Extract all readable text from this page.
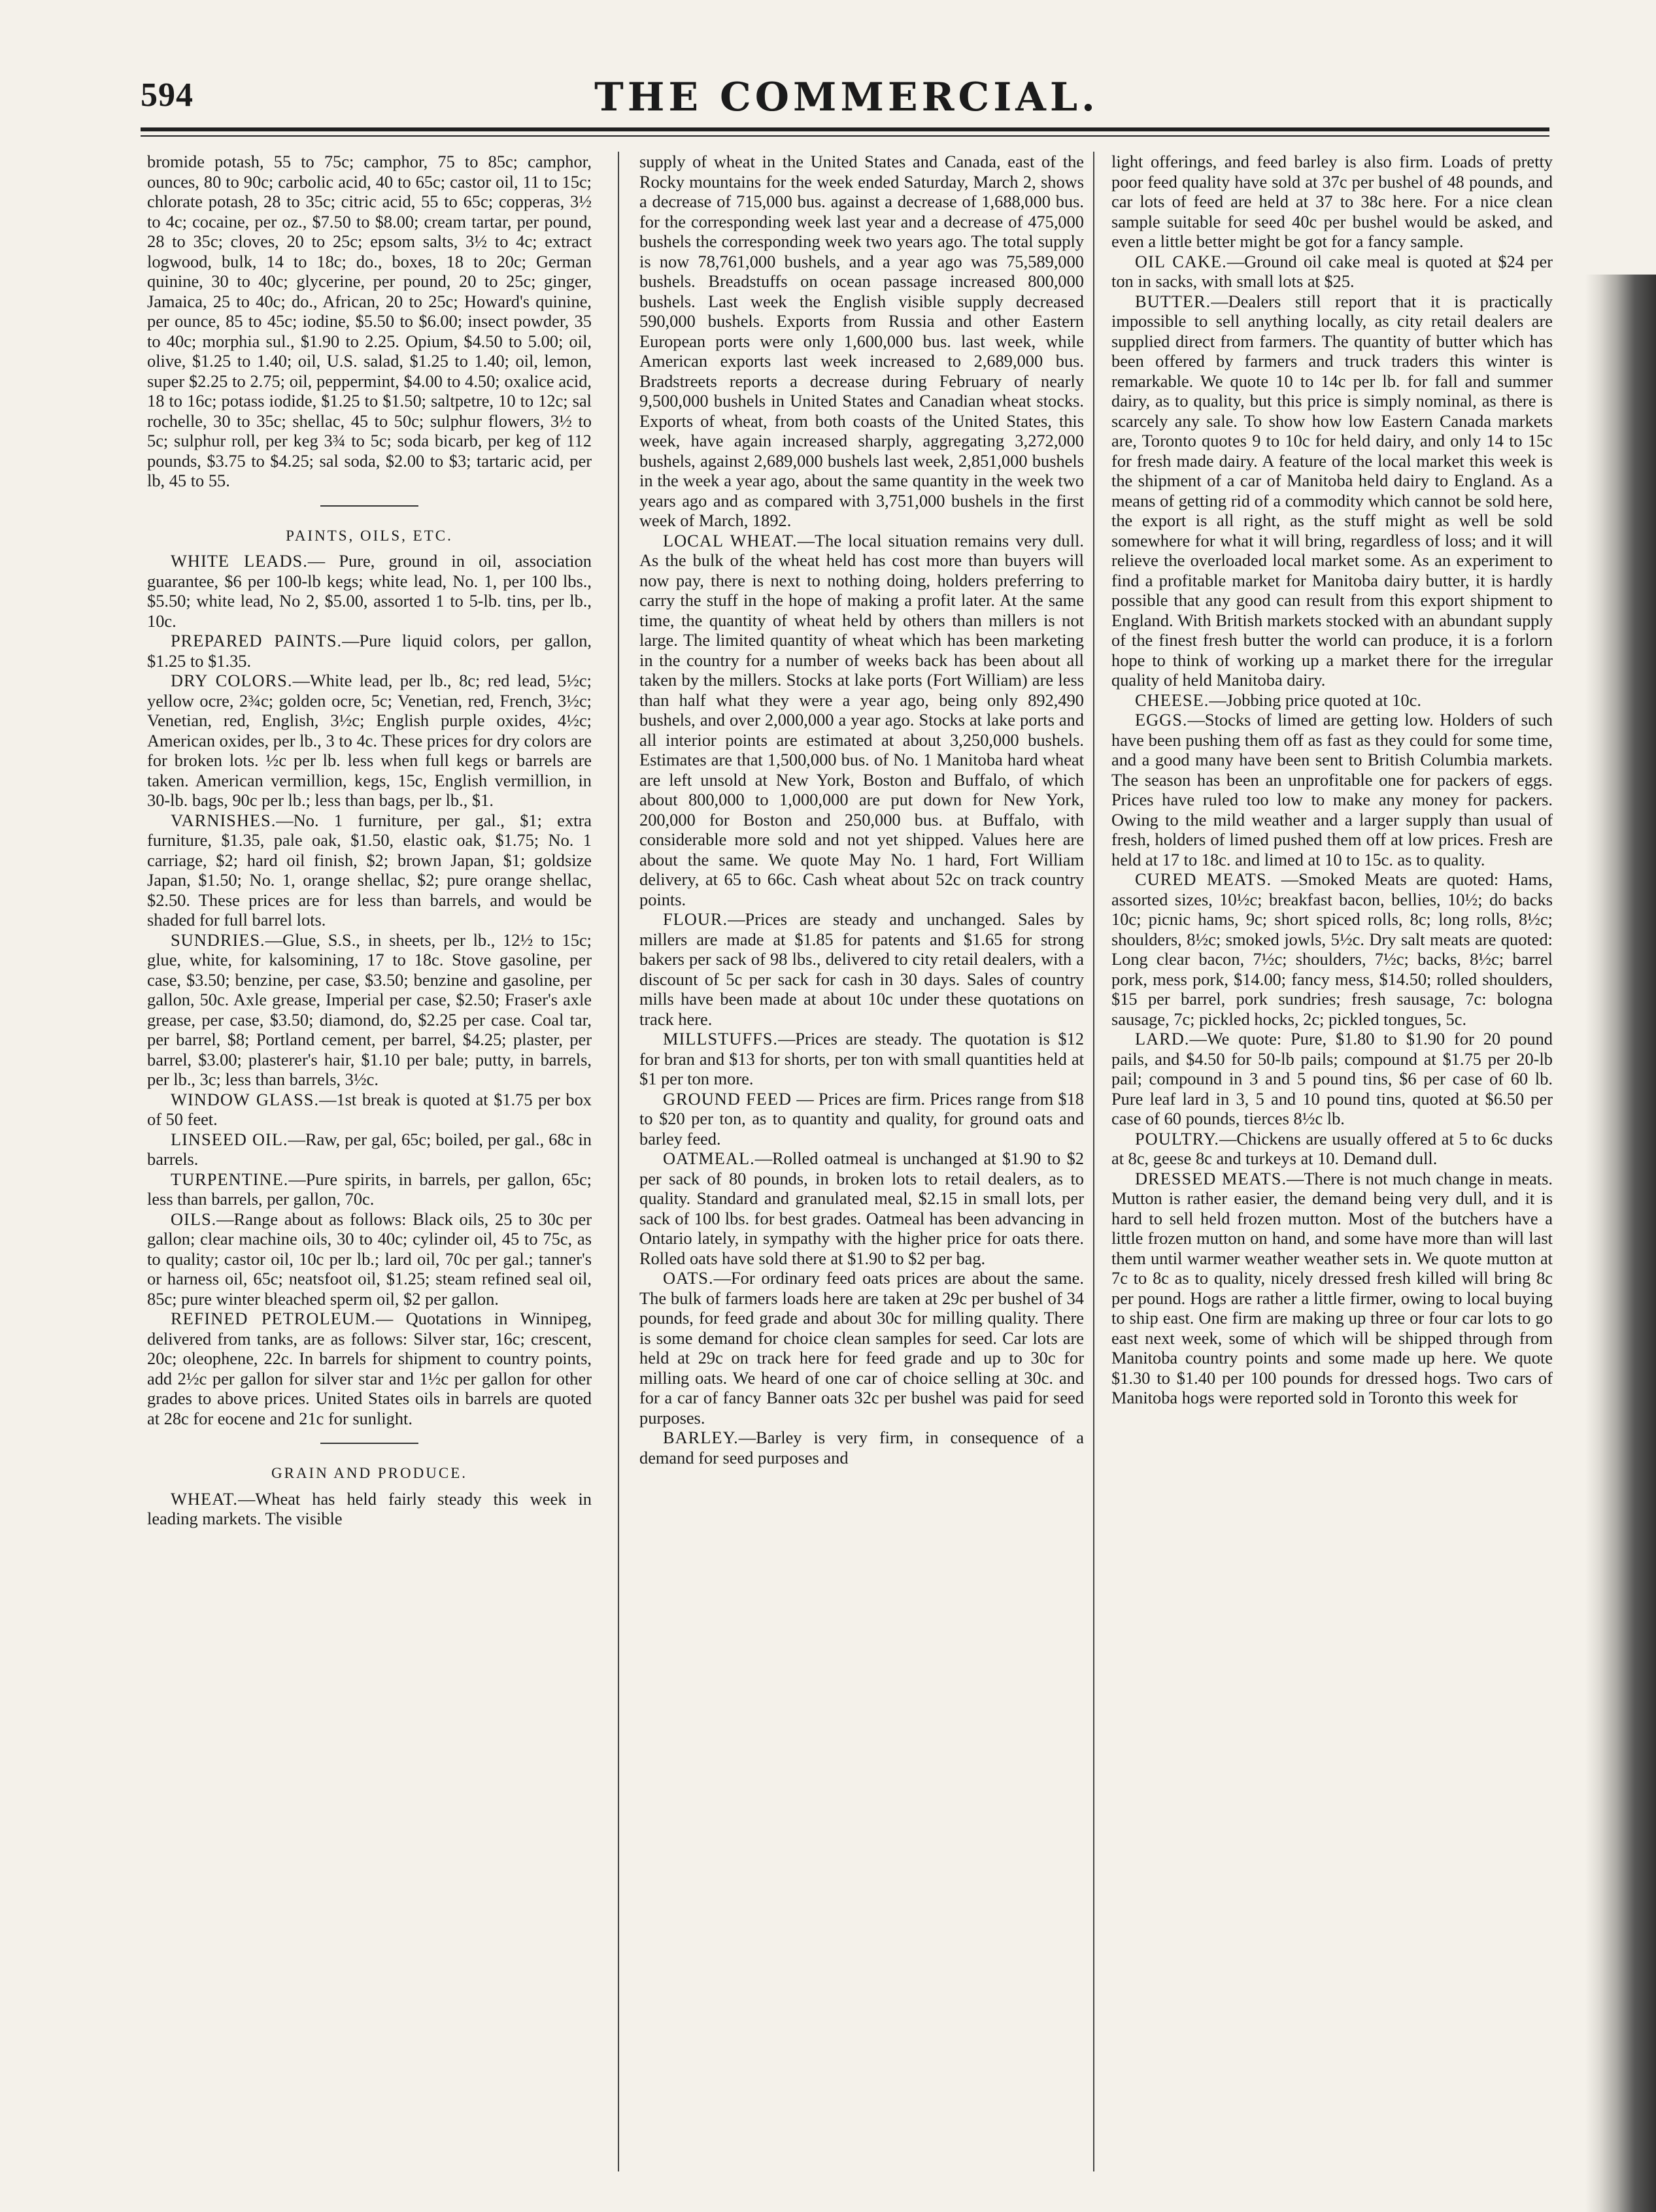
594	THE COMMERCIAL.

bromide potash, 55 to 75c; camphor, 75 to 85c; camphor, ounces, 80 to 90c; carbolic acid, 40 to 65c; castor oil, 11 to 15c; chlorate potash, 28 to 35c; citric acid, 55 to 65c; copperas, 3½ to 4c; cocaine, per oz., $7.50 to $8.00; cream tartar, per pound, 28 to 35c; cloves, 20 to 25c; epsom salts, 3½ to 4c; extract logwood, bulk, 14 to 18c; do., boxes, 18 to 20c; German quinine, 30 to 40c; glycerine, per pound, 20 to 25c; ginger, Jamaica, 25 to 40c; do., African, 20 to 25c; Howard's quinine, per ounce, 85 to 45c; iodine, $5.50 to $6.00; insect powder, 35 to 40c; morphia sul., $1.90 to 2.25. Opium, $4.50 to 5.00; oil, olive, $1.25 to 1.40; oil, U.S. salad, $1.25 to 1.40; oil, lemon, super $2.25 to 2.75; oil, peppermint, $4.00 to 4.50; oxalice acid, 18 to 16c; potass iodide, $1.25 to $1.50; saltpetre, 10 to 12c; sal rochelle, 30 to 35c; shellac, 45 to 50c; sulphur flowers, 3½ to 5c; sulphur roll, per keg 3¾ to 5c; soda bicarb, per keg of 112 pounds, $3.75 to $4.25; sal soda, $2.00 to $3; tartaric acid, per lb, 45 to 55.

PAINTS, OILS, ETC.

WHITE LEADS.— Pure, ground in oil, association guarantee, $6 per 100-lb kegs; white lead, No. 1, per 100 lbs., $5.50; white lead, No 2, $5.00, assorted 1 to 5-lb. tins, per lb., 10c.

PREPARED PAINTS.—Pure liquid colors, per gallon, $1.25 to $1.35.

DRY COLORS.—White lead, per lb., 8c; red lead, 5½c; yellow ocre, 2¾c; golden ocre, 5c; Venetian, red, French, 3½c; Venetian, red, English, 3½c; English purple oxides, 4½c; American oxides, per lb., 3 to 4c. These prices for dry colors are for broken lots. ½c per lb. less when full kegs or barrels are taken. American vermillion, kegs, 15c, English vermillion, in 30-lb. bags, 90c per lb.; less than bags, per lb., $1.

VARNISHES.—No. 1 furniture, per gal., $1; extra furniture, $1.35, pale oak, $1.50, elastic oak, $1.75; No. 1 carriage, $2; hard oil finish, $2; brown Japan, $1; goldsize Japan, $1.50; No. 1, orange shellac, $2; pure orange shellac, $2.50. These prices are for less than barrels, and would be shaded for full barrel lots.

SUNDRIES.—Glue, S.S., in sheets, per lb., 12½ to 15c; glue, white, for kalsomining, 17 to 18c. Stove gasoline, per case, $3.50; benzine, per case, $3.50; benzine and gasoline, per gallon, 50c. Axle grease, Imperial per case, $2.50; Fraser's axle grease, per case, $3.50; diamond, do, $2.25 per case. Coal tar, per barrel, $8; Portland cement, per barrel, $4.25; plaster, per barrel, $3.00; plasterer's hair, $1.10 per bale; putty, in barrels, per lb., 3c; less than barrels, 3½c.

WINDOW GLASS.—1st break is quoted at $1.75 per box of 50 feet.

LINSEED OIL.—Raw, per gal, 65c; boiled, per gal., 68c in barrels.

TURPENTINE.—Pure spirits, in barrels, per gallon, 65c; less than barrels, per gallon, 70c.

OILS.—Range about as follows: Black oils, 25 to 30c per gallon; clear machine oils, 30 to 40c; cylinder oil, 45 to 75c, as to quality; castor oil, 10c per lb.; lard oil, 70c per gal.; tanner's or harness oil, 65c; neatsfoot oil, $1.25; steam refined seal oil, 85c; pure winter bleached sperm oil, $2 per gallon.

REFINED PETROLEUM.— Quotations in Winnipeg, delivered from tanks, are as follows: Silver star, 16c; crescent, 20c; oleophene, 22c. In barrels for shipment to country points, add 2½c per gallon for silver star and 1½c per gallon for other grades to above prices. United States oils in barrels are quoted at 28c for eocene and 21c for sunlight.

GRAIN AND PRODUCE.

WHEAT.—Wheat has held fairly steady this week in leading markets. The visible

supply of wheat in the United States and Canada, east of the Rocky mountains for the week ended Saturday, March 2, shows a decrease of 715,000 bus. against a decrease of 1,688,000 bus. for the corresponding week last year and a decrease of 475,000 bushels the corresponding week two years ago. The total supply is now 78,761,000 bushels, and a year ago was 75,589,000 bushels. Breadstuffs on ocean passage increased 800,000 bushels. Last week the English visible supply decreased 590,000 bushels. Exports from Russia and other Eastern European ports were only 1,600,000 bus. last week, while American exports last week increased to 2,689,000 bus. Bradstreets reports a decrease during February of nearly 9,500,000 bushels in United States and Canadian wheat stocks. Exports of wheat, from both coasts of the United States, this week, have again increased sharply, aggregating 3,272,000 bushels, against 2,689,000 bushels last week, 2,851,000 bushels in the week a year ago, about the same quantity in the week two years ago and as compared with 3,751,000 bushels in the first week of March, 1892.

LOCAL WHEAT.—The local situation remains very dull. As the bulk of the wheat held has cost more than buyers will now pay, there is next to nothing doing, holders preferring to carry the stuff in the hope of making a profit later. At the same time, the quantity of wheat held by others than millers is not large. The limited quantity of wheat which has been marketing in the country for a number of weeks back has been about all taken by the millers. Stocks at lake ports (Fort William) are less than half what they were a year ago, being only 892,490 bushels, and over 2,000,000 a year ago. Stocks at lake ports and all interior points are estimated at about 3,250,000 bushels. Estimates are that 1,500,000 bus. of No. 1 Manitoba hard wheat are left unsold at New York, Boston and Buffalo, of which about 800,000 to 1,000,000 are put down for New York, 200,000 for Boston and 250,000 bus. at Buffalo, with considerable more sold and not yet shipped. Values here are about the same. We quote May No. 1 hard, Fort William delivery, at 65 to 66c. Cash wheat about 52c on track country points.

FLOUR.—Prices are steady and unchanged. Sales by millers are made at $1.85 for patents and $1.65 for strong bakers per sack of 98 lbs., delivered to city retail dealers, with a discount of 5c per sack for cash in 30 days. Sales of country mills have been made at about 10c under these quotations on track here.

MILLSTUFFS.—Prices are steady. The quotation is $12 for bran and $13 for shorts, per ton with small quantities held at $1 per ton more.

GROUND FEED — Prices are firm. Prices range from $18 to $20 per ton, as to quantity and quality, for ground oats and barley feed.

OATMEAL.—Rolled oatmeal is unchanged at $1.90 to $2 per sack of 80 pounds, in broken lots to retail dealers, as to quality. Standard and granulated meal, $2.15 in small lots, per sack of 100 lbs. for best grades. Oatmeal has been advancing in Ontario lately, in sympathy with the higher price for oats there. Rolled oats have sold there at $1.90 to $2 per bag.

OATS.—For ordinary feed oats prices are about the same. The bulk of farmers loads here are taken at 29c per bushel of 34 pounds, for feed grade and about 30c for milling quality. There is some demand for choice clean samples for seed. Car lots are held at 29c on track here for feed grade and up to 30c for milling oats. We heard of one car of choice selling at 30c. and for a car of fancy Banner oats 32c per bushel was paid for seed purposes.

BARLEY.—Barley is very firm, in consequence of a demand for seed purposes and

light offerings, and feed barley is also firm. Loads of pretty poor feed quality have sold at 37c per bushel of 48 pounds, and car lots of feed are held at 37 to 38c here. For a nice clean sample suitable for seed 40c per bushel would be asked, and even a little better might be got for a fancy sample.

OIL CAKE.—Ground oil cake meal is quoted at $24 per ton in sacks, with small lots at $25.

BUTTER.—Dealers still report that it is practically impossible to sell anything locally, as city retail dealers are supplied direct from farmers. The quantity of butter which has been offered by farmers and truck traders this winter is remarkable. We quote 10 to 14c per lb. for fall and summer dairy, as to quality, but this price is simply nominal, as there is scarcely any sale. To show how low Eastern Canada markets are, Toronto quotes 9 to 10c for held dairy, and only 14 to 15c for fresh made dairy. A feature of the local market this week is the shipment of a car of Manitoba held dairy to England. As a means of getting rid of a commodity which cannot be sold here, the export is all right, as the stuff might as well be sold somewhere for what it will bring, regardless of loss; and it will relieve the overloaded local market some. As an experiment to find a profitable market for Manitoba dairy butter, it is hardly possible that any good can result from this export shipment to England. With British markets stocked with an abundant supply of the finest fresh butter the world can produce, it is a forlorn hope to think of working up a market there for the irregular quality of held Manitoba dairy.

CHEESE.—Jobbing price quoted at 10c.

EGGS.—Stocks of limed are getting low. Holders of such have been pushing them off as fast as they could for some time, and a good many have been sent to British Columbia markets. The season has been an unprofitable one for packers of eggs. Prices have ruled too low to make any money for packers. Owing to the mild weather and a larger supply than usual of fresh, holders of limed pushed them off at low prices. Fresh are held at 17 to 18c. and limed at 10 to 15c. as to quality.

CURED MEATS. —Smoked Meats are quoted: Hams, assorted sizes, 10½c; breakfast bacon, bellies, 10½; do backs 10c; picnic hams, 9c; short spiced rolls, 8c; long rolls, 8½c; shoulders, 8½c; smoked jowls, 5½c. Dry salt meats are quoted: Long clear bacon, 7½c; shoulders, 7½c; backs, 8½c; barrel pork, mess pork, $14.00; fancy mess, $14.50; rolled shoulders, $15 per barrel, pork sundries; fresh sausage, 7c: bologna sausage, 7c; pickled hocks, 2c; pickled tongues, 5c.

LARD.—We quote: Pure, $1.80 to $1.90 for 20 pound pails, and $4.50 for 50-lb pails; compound at $1.75 per 20-lb pail; compound in 3 and 5 pound tins, $6 per case of 60 lb. Pure leaf lard in 3, 5 and 10 pound tins, quoted at $6.50 per case of 60 pounds, tierces 8½c lb.

POULTRY.—Chickens are usually offered at 5 to 6c ducks at 8c, geese 8c and turkeys at 10. Demand dull.

DRESSED MEATS.—There is not much change in meats. Mutton is rather easier, the demand being very dull, and it is hard to sell held frozen mutton. Most of the butchers have a little frozen mutton on hand, and some have more than will last them until warmer weather weather sets in. We quote mutton at 7c to 8c as to quality, nicely dressed fresh killed will bring 8c per pound. Hogs are rather a little firmer, owing to local buying to ship east. One firm are making up three or four car lots to go east next week, some of which will be shipped through from Manitoba country points and some made up here. We quote $1.30 to $1.40 per 100 pounds for dressed hogs. Two cars of Manitoba hogs were reported sold in Toronto this week for
